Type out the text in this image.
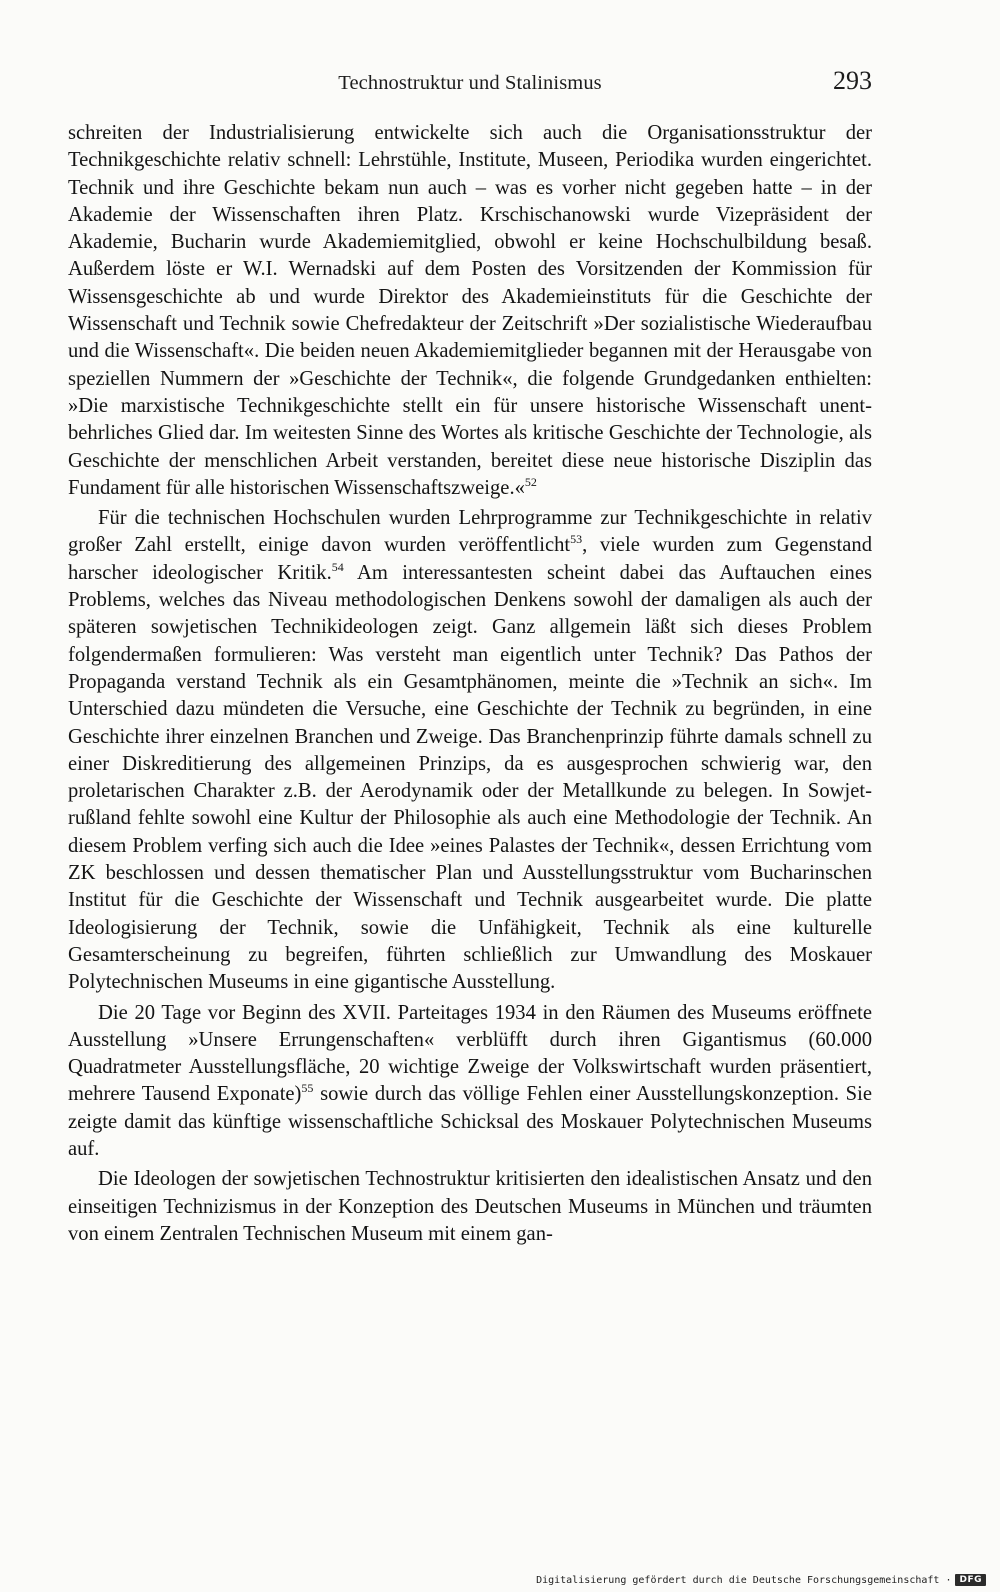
Technostruktur und Stalinismus	293

schreiten der Industrialisierung entwickelte sich auch die Organisationsstruktur der Technikgeschichte relativ schnell: Lehrstühle, Institute, Museen, Periodika wurden eingerichtet. Technik und ihre Geschichte bekam nun auch – was es vorher nicht gegeben hatte – in der Akademie der Wissenschaften ihren Platz. Krschischanowski wurde Vizepräsident der Akademie, Bucharin wurde Akademiemitglied, obwohl er keine Hochschulbildung besaß. Außerdem löste er W.I. Wernadski auf dem Posten des Vorsitzenden der Kommission für Wissensgeschichte ab und wurde Direktor des Akademieinstituts für die Geschichte der Wissenschaft und Technik sowie Chefredakteur der Zeitschrift »Der sozialistische Wiederaufbau und die Wissenschaft«. Die beiden neuen Akademiemitglieder begannen mit der Herausgabe von speziellen Nummern der »Geschichte der Technik«, die folgende Grundgedanken enthielten: »Die marxistische Technikgeschichte stellt ein für unsere historische Wissenschaft unentbehrliches Glied dar. Im weitesten Sinne des Wortes als kritische Geschichte der Technologie, als Geschichte der menschlichen Arbeit verstanden, bereitet diese neue historische Disziplin das Fundament für alle historischen Wissenschaftszweige.«$^{52}$

Für die technischen Hochschulen wurden Lehrprogramme zur Technikgeschichte in relativ großer Zahl erstellt, einige davon wurden veröffentlicht$^{53}$, viele wurden zum Gegenstand harscher ideologischer Kritik.$^{54}$ Am interessantesten scheint dabei das Auftauchen eines Problems, welches das Niveau methodologischen Denkens sowohl der damaligen als auch der späteren sowjetischen Technikideologen zeigt. Ganz allgemein läßt sich dieses Problem folgendermaßen formulieren: Was versteht man eigentlich unter Technik? Das Pathos der Propaganda verstand Technik als ein Gesamtphänomen, meinte die »Technik an sich«. Im Unterschied dazu mündeten die Versuche, eine Geschichte der Technik zu begründen, in eine Geschichte ihrer einzelnen Branchen und Zweige. Das Branchenprinzip führte damals schnell zu einer Diskreditierung des allgemeinen Prinzips, da es ausgesprochen schwierig war, den proletarischen Charakter z.B. der Aerodynamik oder der Metallkunde zu belegen. In Sowjetrußland fehlte sowohl eine Kultur der Philosophie als auch eine Methodologie der Technik. An diesem Problem verfing sich auch die Idee »eines Palastes der Technik«, dessen Errichtung vom ZK beschlossen und dessen thematischer Plan und Ausstellungsstruktur vom Bucharinschen Institut für die Geschichte der Wissenschaft und Technik ausgearbeitet wurde. Die platte Ideologisierung der Technik, sowie die Unfähigkeit, Technik als eine kulturelle Gesamterscheinung zu begreifen, führten schließlich zur Umwandlung des Moskauer Polytechnischen Museums in eine gigantische Ausstellung.

Die 20 Tage vor Beginn des XVII. Parteitages 1934 in den Räumen des Museums eröffnete Ausstellung »Unsere Errungenschaften« verblüfft durch ihren Gigantismus (60.000 Quadratmeter Ausstellungsfläche, 20 wichtige Zweige der Volkswirtschaft wurden präsentiert, mehrere Tausend Exponate)$^{55}$ sowie durch das völlige Fehlen einer Ausstellungskonzeption. Sie zeigte damit das künftige wissenschaftliche Schicksal des Moskauer Polytechnischen Museums auf.

Die Ideologen der sowjetischen Technostruktur kritisierten den idealistischen Ansatz und den einseitigen Technizismus in der Konzeption des Deutschen Museums in München und träumten von einem Zentralen Technischen Museum mit einem gan-

Digitalisierung gefördert durch die Deutsche Forschungsgemeinschaft · DFG
